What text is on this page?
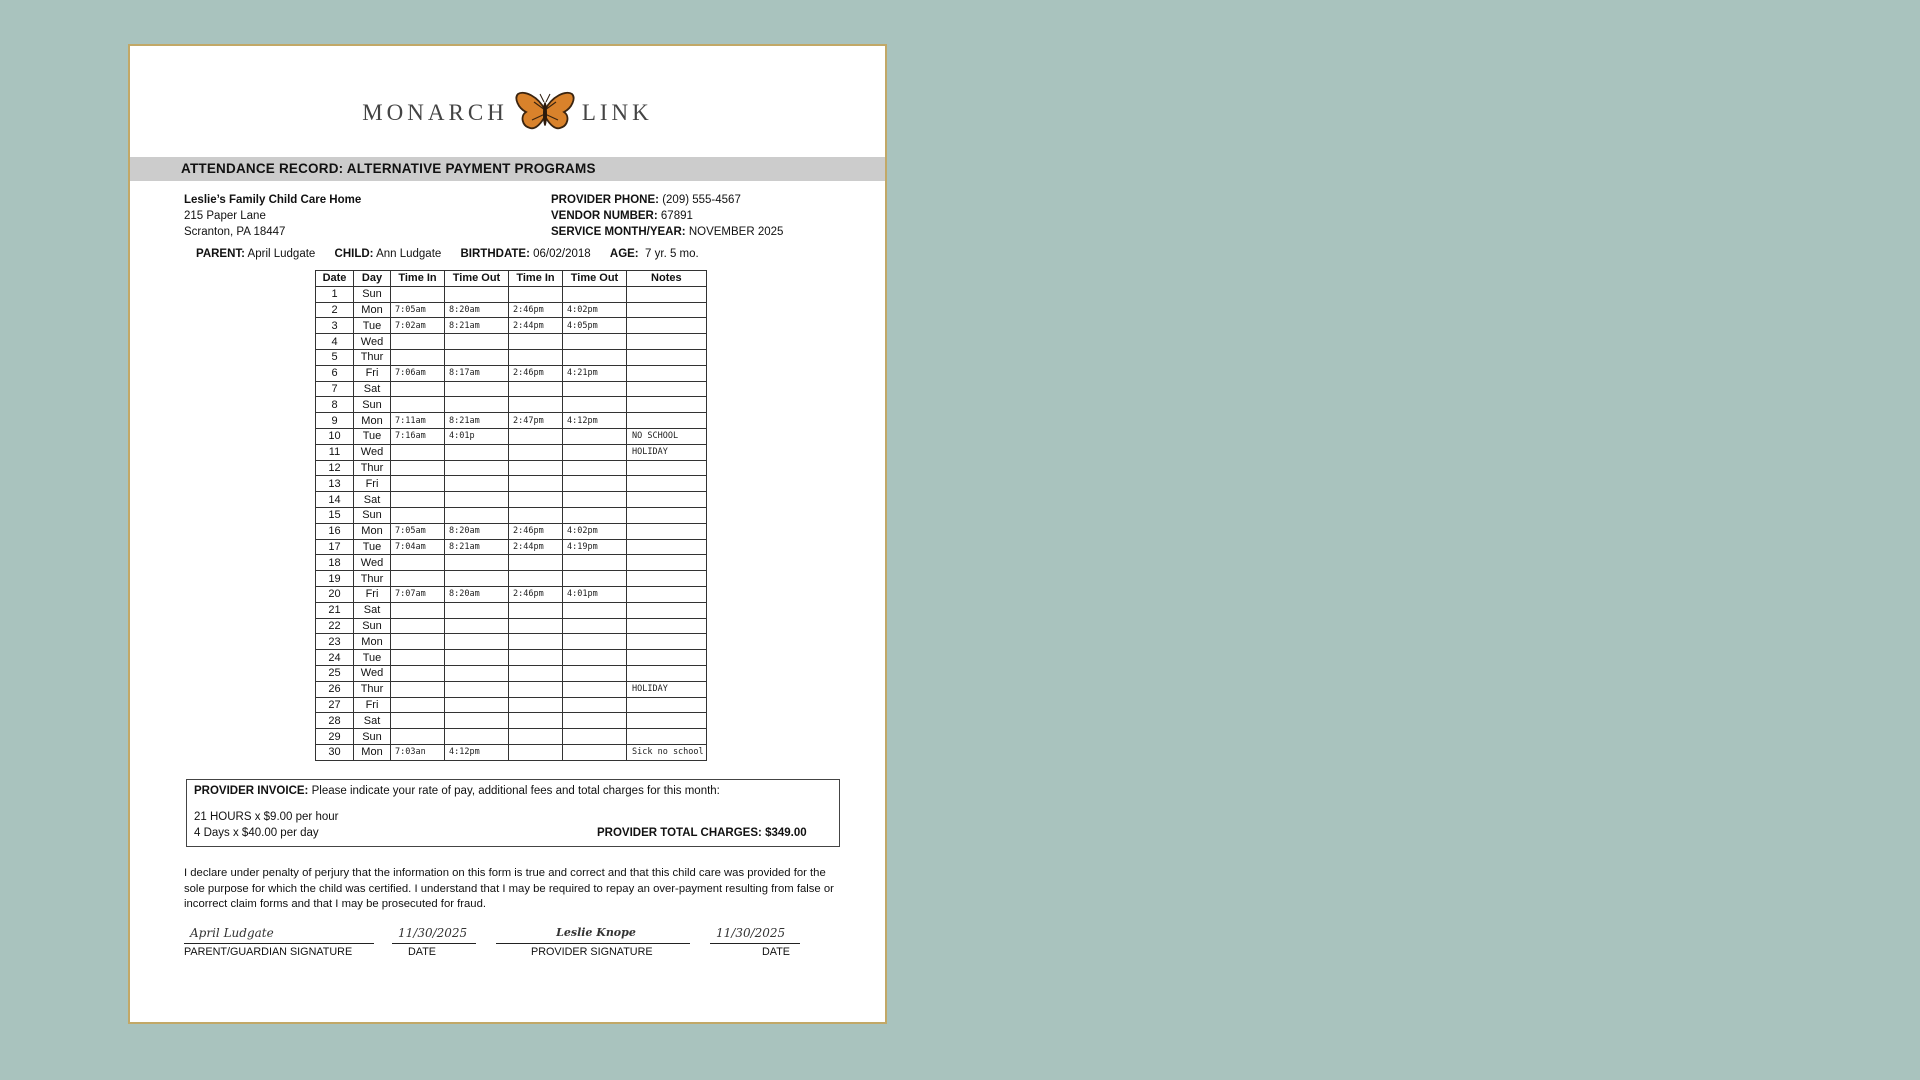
MONARCH	LINK
ATTENDANCE RECORD: ALTERNATIVE PAYMENT PROGRAMS
Leslie’s Family Child Care Home
215 Paper Lane
Scranton, PA 18447
PROVIDER PHONE: (209) 555-4567
VENDOR NUMBER: 67891
SERVICE MONTH/YEAR: NOVEMBER 2025
PARENT: April Ludgate CHILD: Ann Ludgate BIRTHDATE: 06/02/2018 AGE: 7 yr. 5 mo.
Date	Day	Time In	Time Out	Time In	Time Out	Notes
1	Sun					
2	Mon	7:05am	8:20am	2:46pm	4:02pm	
3	Tue	7:02am	8:21am	2:44pm	4:05pm	
4	Wed					
5	Thur					
6	Fri	7:06am	8:17am	2:46pm	4:21pm	
7	Sat					
8	Sun					
9	Mon	7:11am	8:21am	2:47pm	4:12pm	
10	Tue	7:16am	4:01p			NO SCHOOL
11	Wed					HOLIDAY
12	Thur					
13	Fri					
14	Sat					
15	Sun					
16	Mon	7:05am	8:20am	2:46pm	4:02pm	
17	Tue	7:04am	8:21am	2:44pm	4:19pm	
18	Wed					
19	Thur					
20	Fri	7:07am	8:20am	2:46pm	4:01pm	
21	Sat					
22	Sun					
23	Mon					
24	Tue					
25	Wed					
26	Thur					HOLIDAY
27	Fri					
28	Sat					
29	Sun					
30	Mon	7:03an	4:12pm			Sick no school
PROVIDER INVOICE: Please indicate your rate of pay, additional fees and total charges for this month:
21 HOURS x $9.00 per hour
4 Days x $40.00 per day	PROVIDER TOTAL CHARGES: $349.00
I declare under penalty of perjury that the information on this form is true and correct and that this child care was provided for the sole purpose for which the child was certified. I understand that I may be required to repay an over-payment resulting from false or incorrect claim forms and that I may be prosecuted for fraud.
April Ludgate	11/30/2025	Leslie Knope	11/30/2025
PARENT/GUARDIAN SIGNATURE	DATE	PROVIDER SIGNATURE	DATE
